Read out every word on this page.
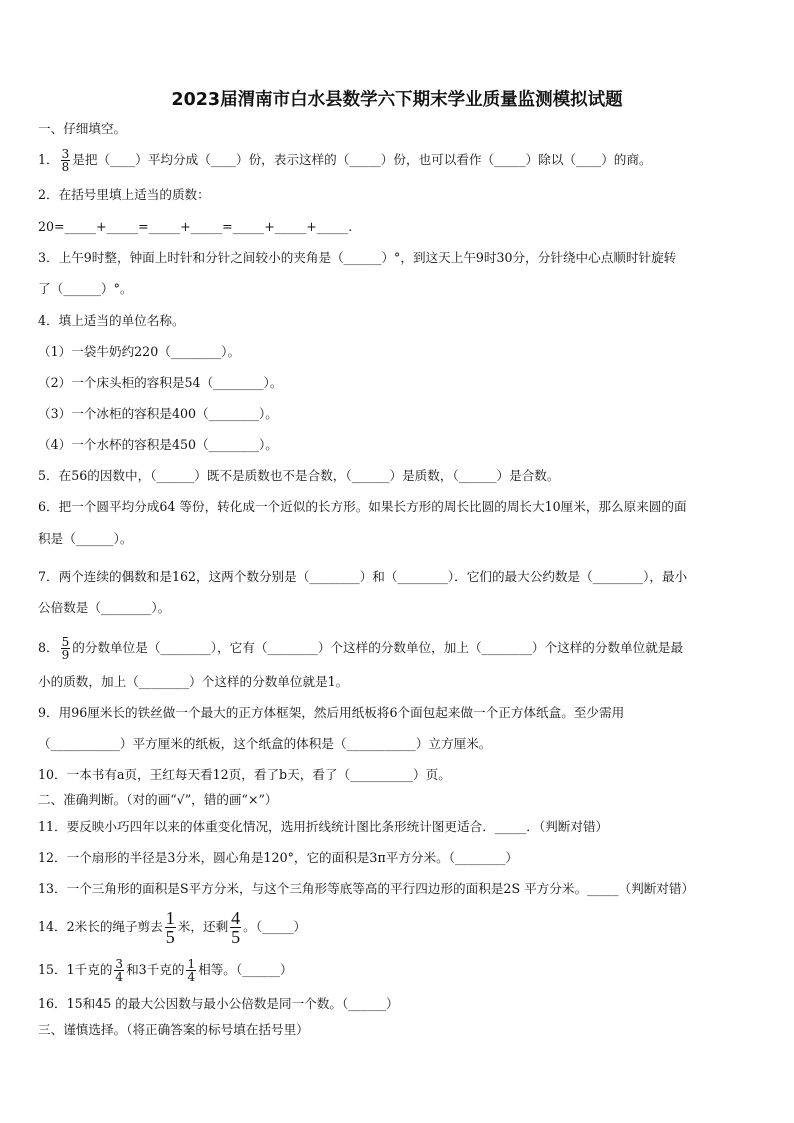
2023届渭南市白水县数学六下期末学业质量监测模拟试题
一、仔细填空。
1． $\frac{3}{8}$ 是把（____）平均分成（____）份，表示这样的（_____）份，也可以看作（_____）除以（____）的商。
2．在括号里填上适当的质数：
20=_____+_____=_____+_____=_____+_____+_____.
3．上午9时整，钟面上时针和分针之间较小的夹角是（______）°，到这天上午9时30分，分针绕中心点顺时针旋转
了（______）°。
4．填上适当的单位名称。
（1）一袋牛奶约220（________）。
（2）一个床头柜的容积是54（________）。
（3）一个冰柜的容积是400（________）。
（4）一个水杯的容积是450（________）。
5．在56的因数中，（______）既不是质数也不是合数，（______）是质数，（______）是合数。
6．把一个圆平均分成64 等份，转化成一个近似的长方形。如果长方形的周长比圆的周长大10厘米，那么原来圆的面
积是（______）。
7．两个连续的偶数和是162，这两个数分别是（________）和（________）．它们的最大公约数是（________），最小
公倍数是（________）。
8． $\frac{5}{9}$ 的分数单位是（________），它有（________）个这样的分数单位，加上（________）个这样的分数单位就是最
小的质数，加上（________）个这样的分数单位就是1。
9．用96厘米长的铁丝做一个最大的正方体框架，然后用纸板将6个面包起来做一个正方体纸盒。至少需用
（___________）平方厘米的纸板，这个纸盒的体积是（___________）立方厘米。
10．一本书有a页，王红每天看12页，看了b天，看了（__________）页。
二、准确判断。（对的画“√”，错的画“×”）
11．要反映小巧四年以来的体重变化情况，选用折线统计图比条形统计图更适合．_____．（判断对错）
12．一个扇形的半径是3分米，圆心角是120°，它的面积是3π平方分米。（________）
13．一个三角形的面积是S平方分米，与这个三角形等底等高的平行四边形的面积是2S 平方分米。_____（判断对错）
14．2米长的绳子剪去 $\frac{1}{5}$ 米，还剩 $\frac{4}{5}$ 。（_____）
15．1千克的 $\frac{3}{4}$ 和3千克的 $\frac{1}{4}$ 相等。（______）
16．15和45 的最大公因数与最小公倍数是同一个数。（______）
三、谨慎选择。（将正确答案的标号填在括号里）
